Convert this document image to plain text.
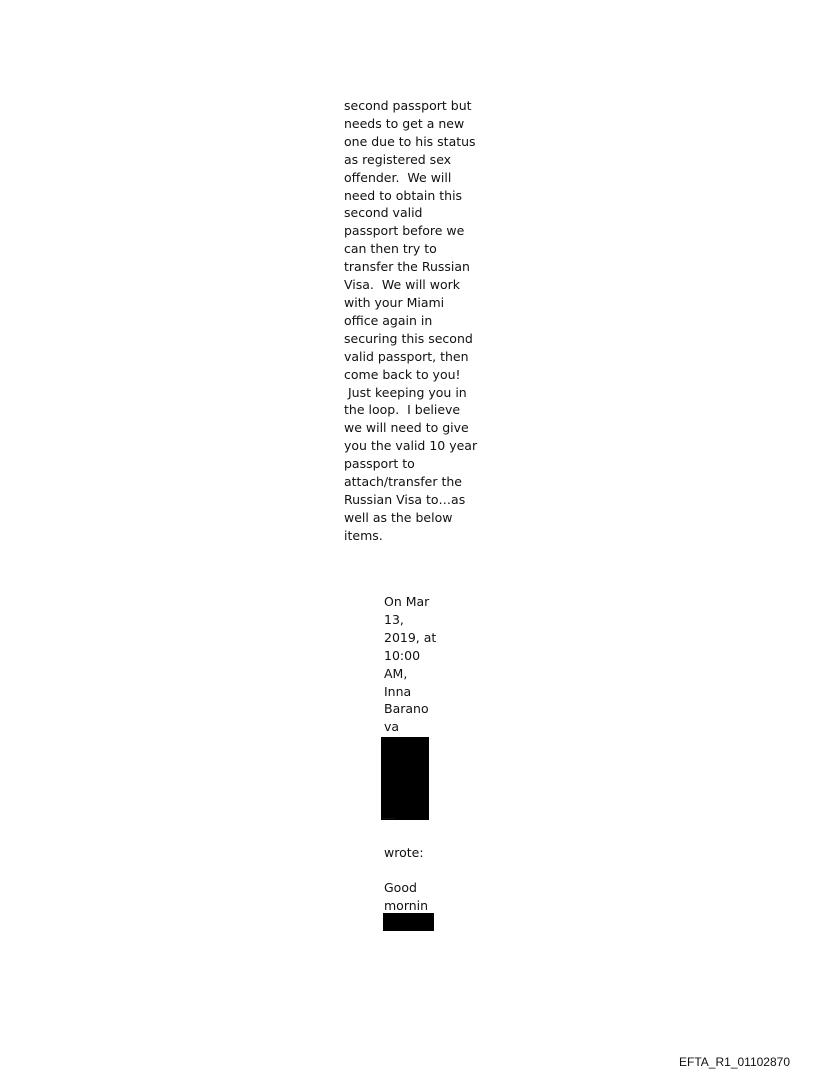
second passport but
needs to get a new
one due to his status
as registered sex
offender.  We will
need to obtain this
second valid
passport before we
can then try to
transfer the Russian
Visa.  We will work
with your Miami
office again in
securing this second
valid passport, then
come back to you!
Just keeping you in
the loop.  I believe
we will need to give
you the valid 10 year
passport to
attach/transfer the
Russian Visa to…as
well as the below
items.
On Mar
13,
2019, at
10:00
AM,
Inna
Barano
va
wrote:

Good
mornin
EFTA_R1_01102870
